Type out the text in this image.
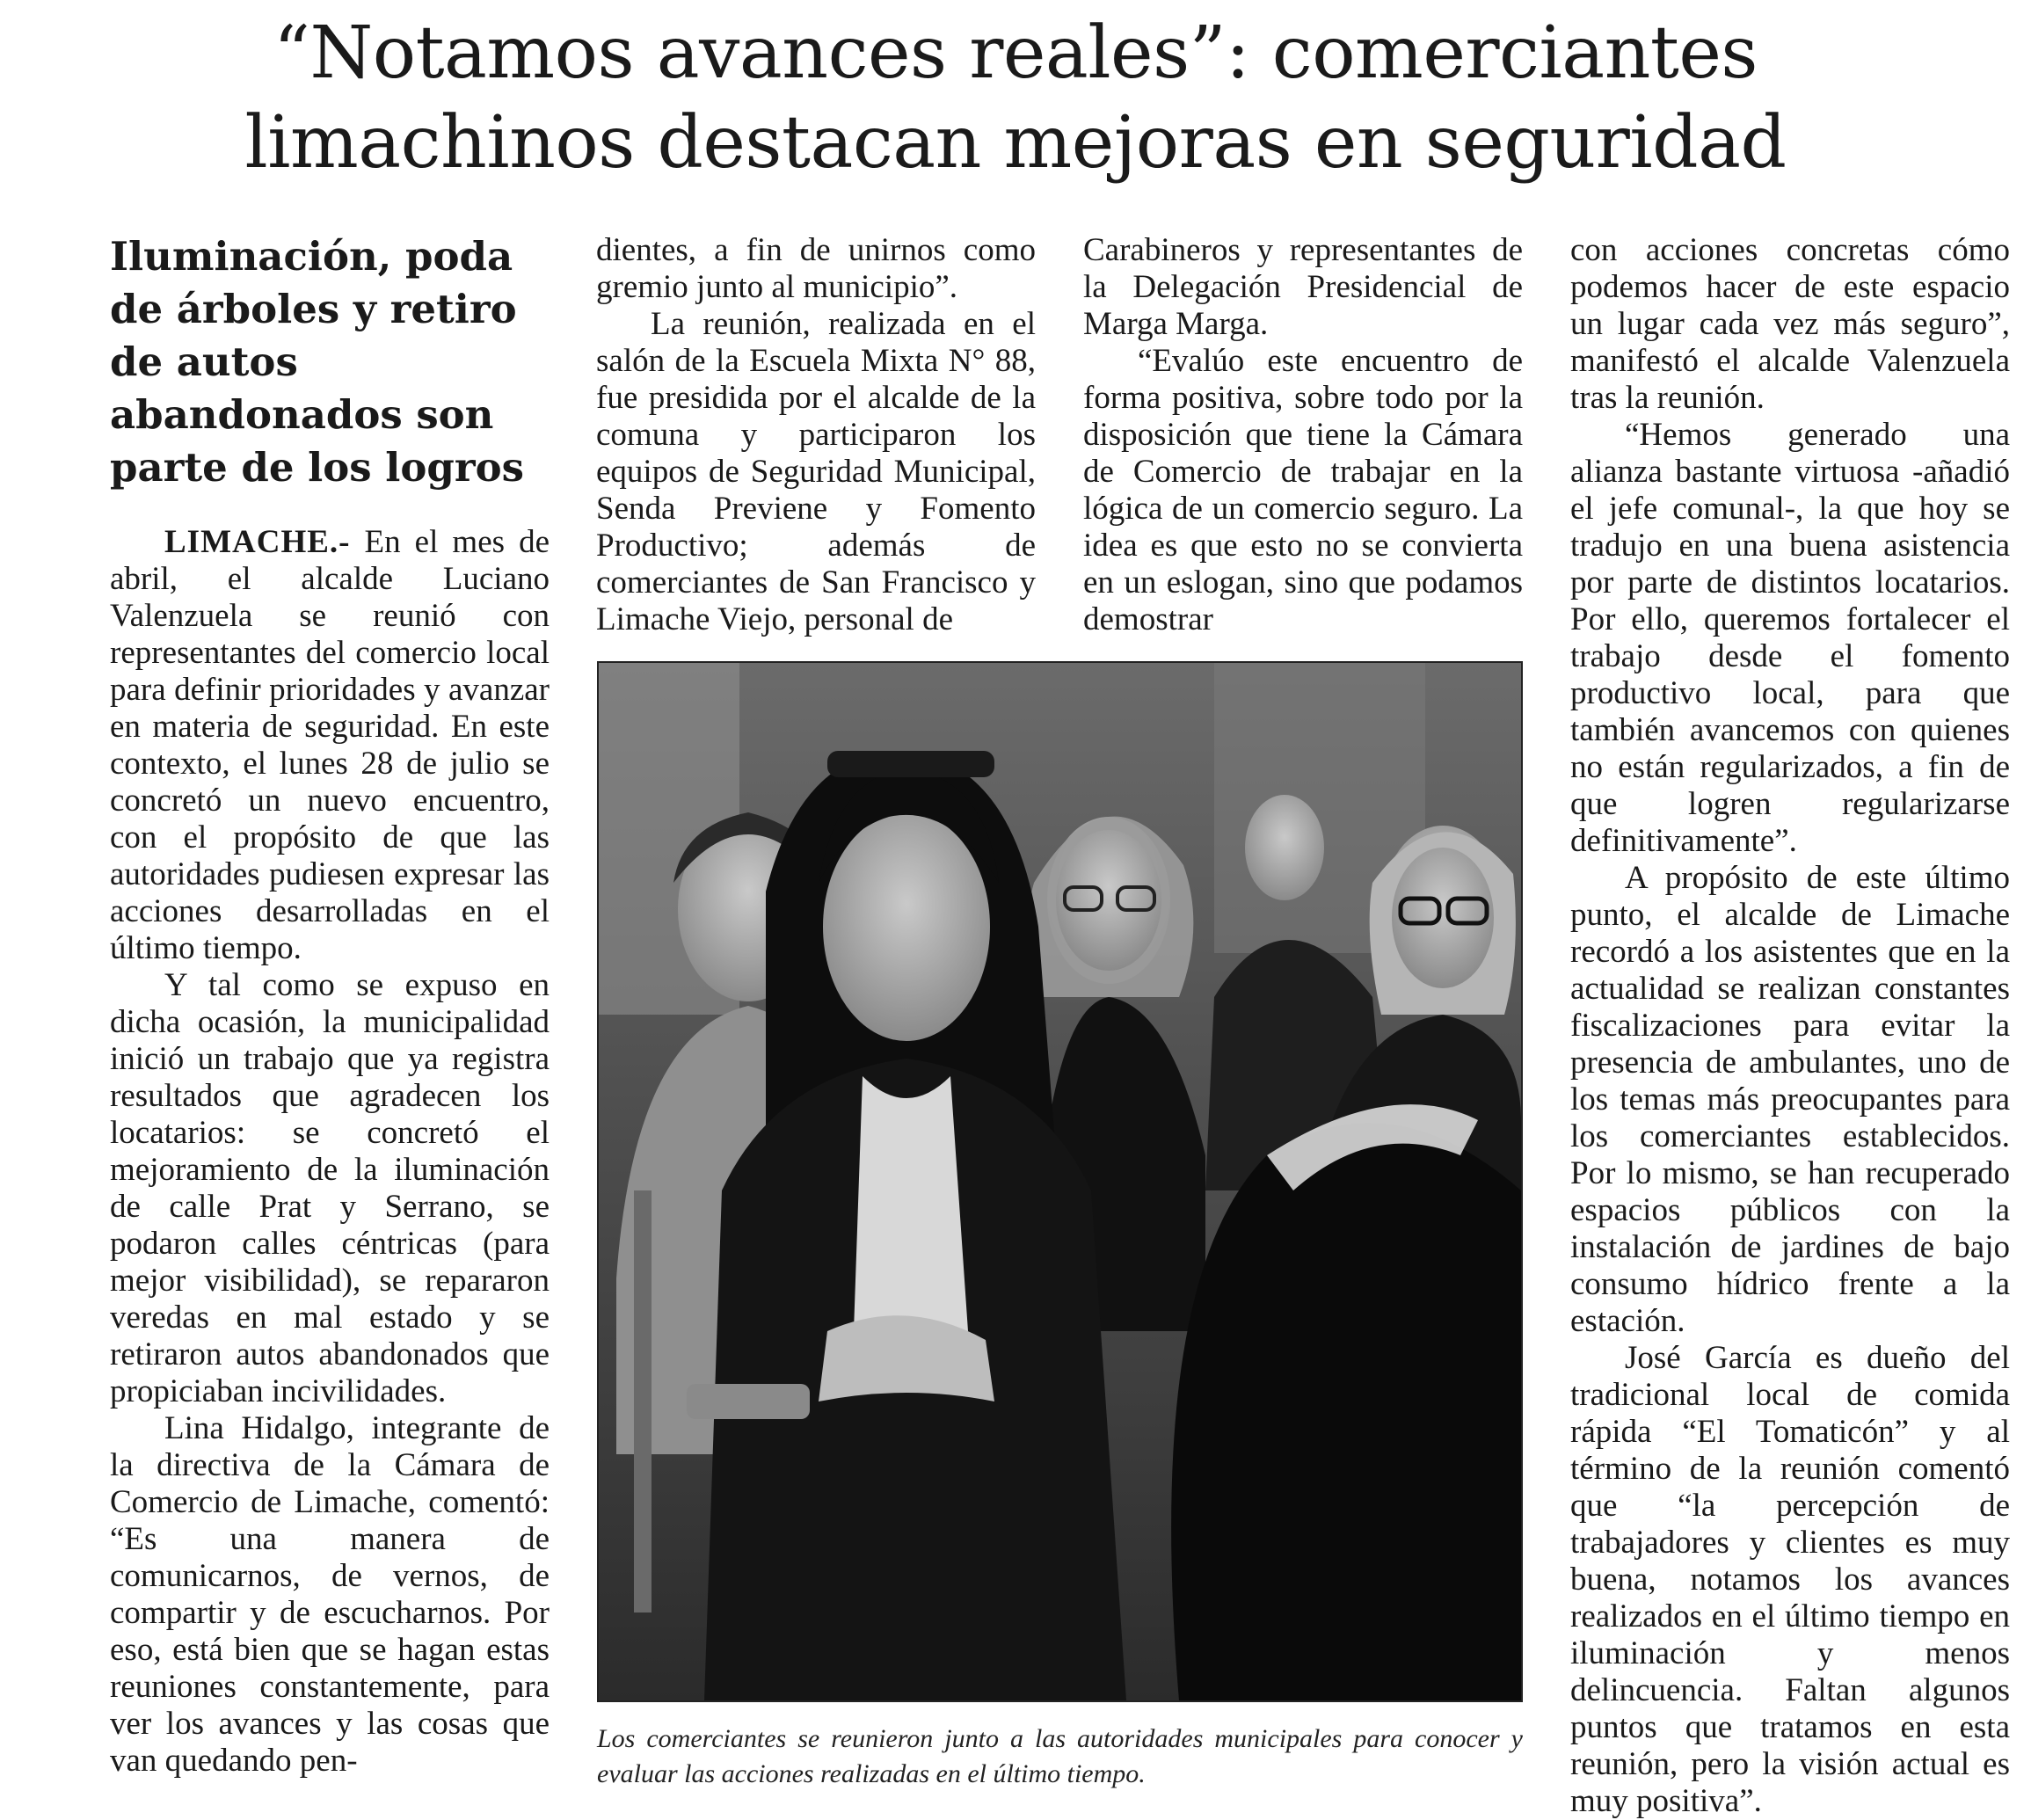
“Notamos avances reales”: comerciantes
limachinos destacan mejoras en seguridad
Iluminación, poda de árboles y retiro de autos abandonados son parte de los logros

LIMACHE.- En el mes de abril, el alcalde Luciano Valenzuela se reunió con representantes del comercio local para definir prioridades y avanzar en materia de seguridad. En este contexto, el lunes 28 de julio se concretó un nuevo encuentro, con el propósito de que las autoridades pudiesen expresar las acciones desarrolladas en el último tiempo.

Y tal como se expuso en dicha ocasión, la municipalidad inició un trabajo que ya registra resultados que agradecen los locatarios: se concretó el mejoramiento de la iluminación de calle Prat y Serrano, se podaron calles céntricas (para mejor visibilidad), se repararon veredas en mal estado y se retiraron autos abandonados que propiciaban incivilidades.

Lina Hidalgo, integrante de la directiva de la Cámara de Comercio de Limache, comentó: “Es una manera de comunicarnos, de vernos, de compartir y de escucharnos. Por eso, está bien que se hagan estas reuniones constantemente, para ver los avances y las cosas que van quedando pen-

dientes, a fin de unirnos como gremio junto al municipio”.

La reunión, realizada en el salón de la Escuela Mixta N° 88, fue presidida por el alcalde de la comuna y participaron los equipos de Seguridad Municipal, Senda Previene y Fomento Productivo; además de comerciantes de San Francisco y Limache Viejo, personal de

Carabineros y representantes de la Delegación Presidencial de Marga Marga.

“Evalúo este encuentro de forma positiva, sobre todo por la disposición que tiene la Cámara de Comercio de trabajar en la lógica de un comercio seguro. La idea es que esto no se convierta en un eslogan, sino que podamos demostrar

con acciones concretas cómo podemos hacer de este espacio un lugar cada vez más seguro”, manifestó el alcalde Valenzuela tras la reunión.

“Hemos generado una alianza bastante virtuosa -añadió el jefe comunal-, la que hoy se tradujo en una buena asistencia por parte de distintos locatarios. Por ello, queremos fortalecer el trabajo desde el fomento productivo local, para que también avancemos con quienes no están regularizados, a fin de que logren regularizarse definitivamente”.

A propósito de este último punto, el alcalde de Limache recordó a los asistentes que en la actualidad se realizan constantes fiscalizaciones para evitar la presencia de ambulantes, uno de los temas más preocupantes para los comerciantes establecidos. Por lo mismo, se han recuperado espacios públicos con la instalación de jardines de bajo consumo hídrico frente a la estación.

José García es dueño del tradicional local de comida rápida “El Tomaticón” y al término de la reunión comentó que “la percepción de trabajadores y clientes es muy buena, notamos los avances realizados en el último tiempo en iluminación y menos delincuencia. Faltan algunos puntos que tratamos en esta reunión, pero la visión actual es muy positiva”.

Los comerciantes se reunieron junto a las autoridades municipales para conocer y evaluar las acciones realizadas en el último tiempo.
